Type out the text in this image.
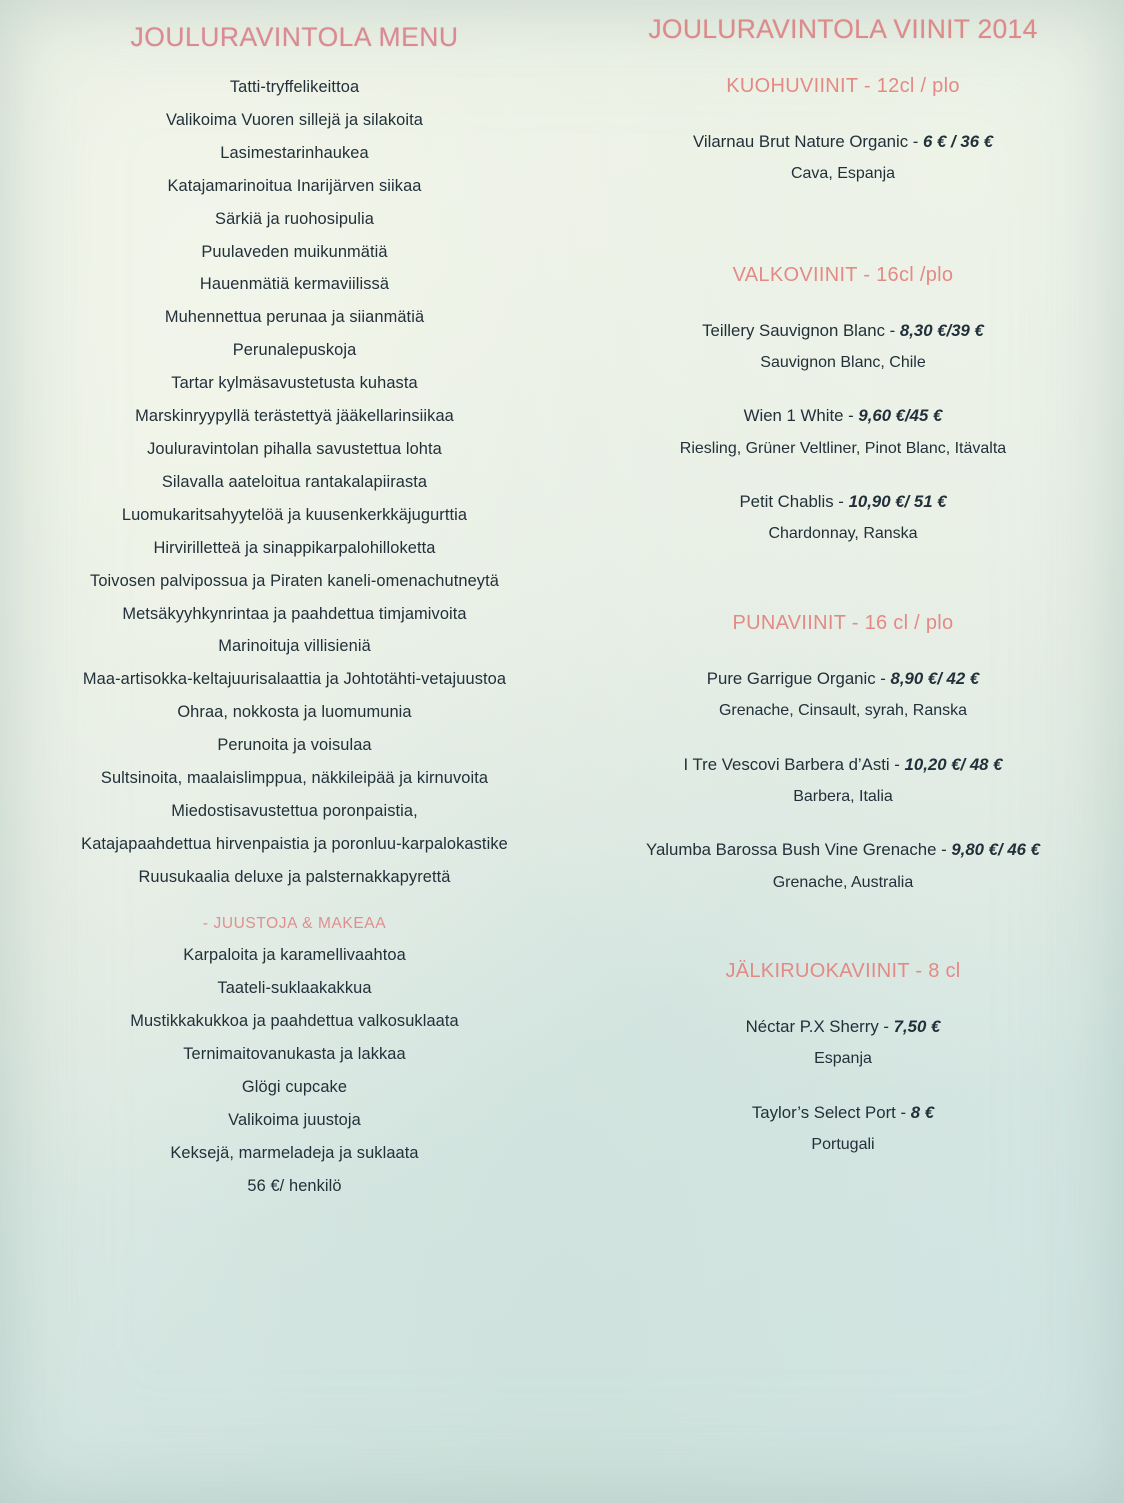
JOULURAVINTOLA MENU

Tatti-tryffelikeittoa

Valikoima Vuoren sillejä ja silakoita

Lasimestarinhaukea

Katajamarinoitua Inarijärven siikaa

Särkiä ja ruohosipulia

Puulaveden muikunmätiä

Hauenmätiä kermaviilissä

Muhennettua perunaa ja siianmätiä

Perunalepuskoja

Tartar kylmäsavustetusta kuhasta

Marskinryypyllä terästettyä jääkellarinsiikaa

Jouluravintolan pihalla savustettua lohta

Silavalla aateloitua rantakalapiirasta

Luomukaritsahyytelöä ja kuusenkerkkäjugurttia

Hirvirilletteä ja sinappikarpalohilloketta

Toivosen palvipossua ja Piraten kaneli-omenachutneytä

Metsäkyyhkynrintaa ja paahdettua timjamivoita

Marinoituja villisieniä

Maa-artisokka-keltajuurisalaattia ja Johtotähti-vetajuustoa

Ohraa, nokkosta ja luomumunia

Perunoita ja voisulaa

Sultsinoita, maalaislimppua, näkkileipää ja kirnuvoita

Miedostisavustettua poronpaistia,

Katajapaahdettua hirvenpaistia ja poronluu-karpalokastike

Ruusukaalia deluxe ja palsternakkapyrettä

- JUUSTOJA & MAKEAA

Karpaloita ja karamellivaahtoa

Taateli-suklaakakkua

Mustikkakukkoa ja paahdettua valkosuklaata

Ternimaitovanukasta ja lakkaa

Glögi cupcake

Valikoima juustoja

Keksejä, marmeladeja ja suklaata

56 €/ henkilö

JOULURAVINTOLA VIINIT 2014

KUOHUVIINIT - 12cl / plo

Vilarnau Brut Nature Organic - 6 € / 36 €

Cava, Espanja

VALKOVIINIT - 16cl /plo

Teillery Sauvignon Blanc - 8,30 €/39 €

Sauvignon Blanc, Chile

Wien 1 White - 9,60 €/45 €

Riesling, Grüner Veltliner, Pinot Blanc, Itävalta

Petit Chablis - 10,90 €/ 51 €

Chardonnay, Ranska

PUNAVIINIT - 16 cl / plo

Pure Garrigue Organic - 8,90 €/ 42 €

Grenache, Cinsault, syrah, Ranska

I Tre Vescovi Barbera d’Asti - 10,20 €/ 48 €

Barbera, Italia

Yalumba Barossa Bush Vine Grenache - 9,80 €/ 46 €

Grenache, Australia

JÄLKIRUOKAVIINIT - 8 cl

Néctar P.X Sherry - 7,50 €

Espanja

Taylor’s Select Port - 8 €

Portugali
